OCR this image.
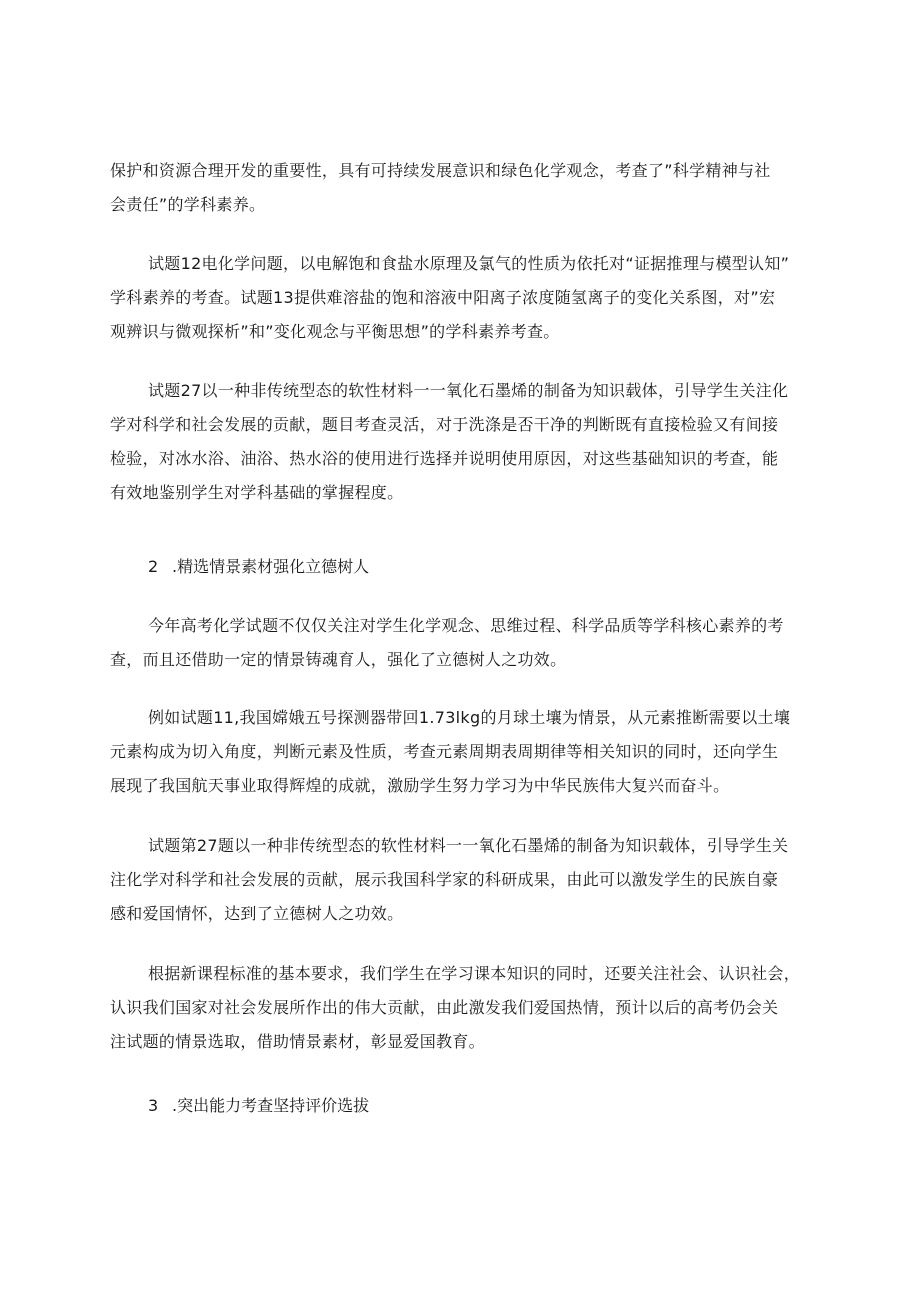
保护和资源合理开发的重要性，具有可持续发展意识和绿色化学观念，考查了”科学精神与社
会责任”的学科素养。

试题12电化学问题，以电解饱和食盐水原理及氯气的性质为依托对“证据推理与模型认知”
学科素养的考查。试题13提供难溶盐的饱和溶液中阳离子浓度随氢离子的变化关系图，对”宏
观辨识与微观探析”和”变化观念与平衡思想”的学科素养考查。

试题27以一种非传统型态的软性材料一一氧化石墨烯的制备为知识载体，引导学生关注化
学对科学和社会发展的贡献，题目考查灵活，对于洗涤是否干净的判断既有直接检验又有间接
检验，对冰水浴、油浴、热水浴的使用进行选择并说明使用原因，对这些基础知识的考查，能
有效地鉴别学生对学科基础的掌握程度。

2 .精选情景素材强化立德树人

今年高考化学试题不仅仅关注对学生化学观念、思维过程、科学品质等学科核心素养的考
查，而且还借助一定的情景铸魂育人，强化了立德树人之功效。

例如试题11,我国嫦娥五号探测器带回1.73lkg的月球土壤为情景，从元素推断需要以土壤
元素构成为切入角度，判断元素及性质，考查元素周期表周期律等相关知识的同时，还向学生
展现了我国航天事业取得辉煌的成就，激励学生努力学习为中华民族伟大复兴而奋斗。

试题第27题以一种非传统型态的软性材料一一氧化石墨烯的制备为知识载体，引导学生关
注化学对科学和社会发展的贡献，展示我国科学家的科研成果，由此可以激发学生的民族自豪
感和爱国情怀，达到了立德树人之功效。

根据新课程标准的基本要求，我们学生在学习课本知识的同时，还要关注社会、认识社会，
认识我们国家对社会发展所作出的伟大贡献，由此激发我们爱国热情，预计以后的高考仍会关
注试题的情景选取，借助情景素材，彰显爱国教育。

3 .突出能力考查坚持评价选拔
